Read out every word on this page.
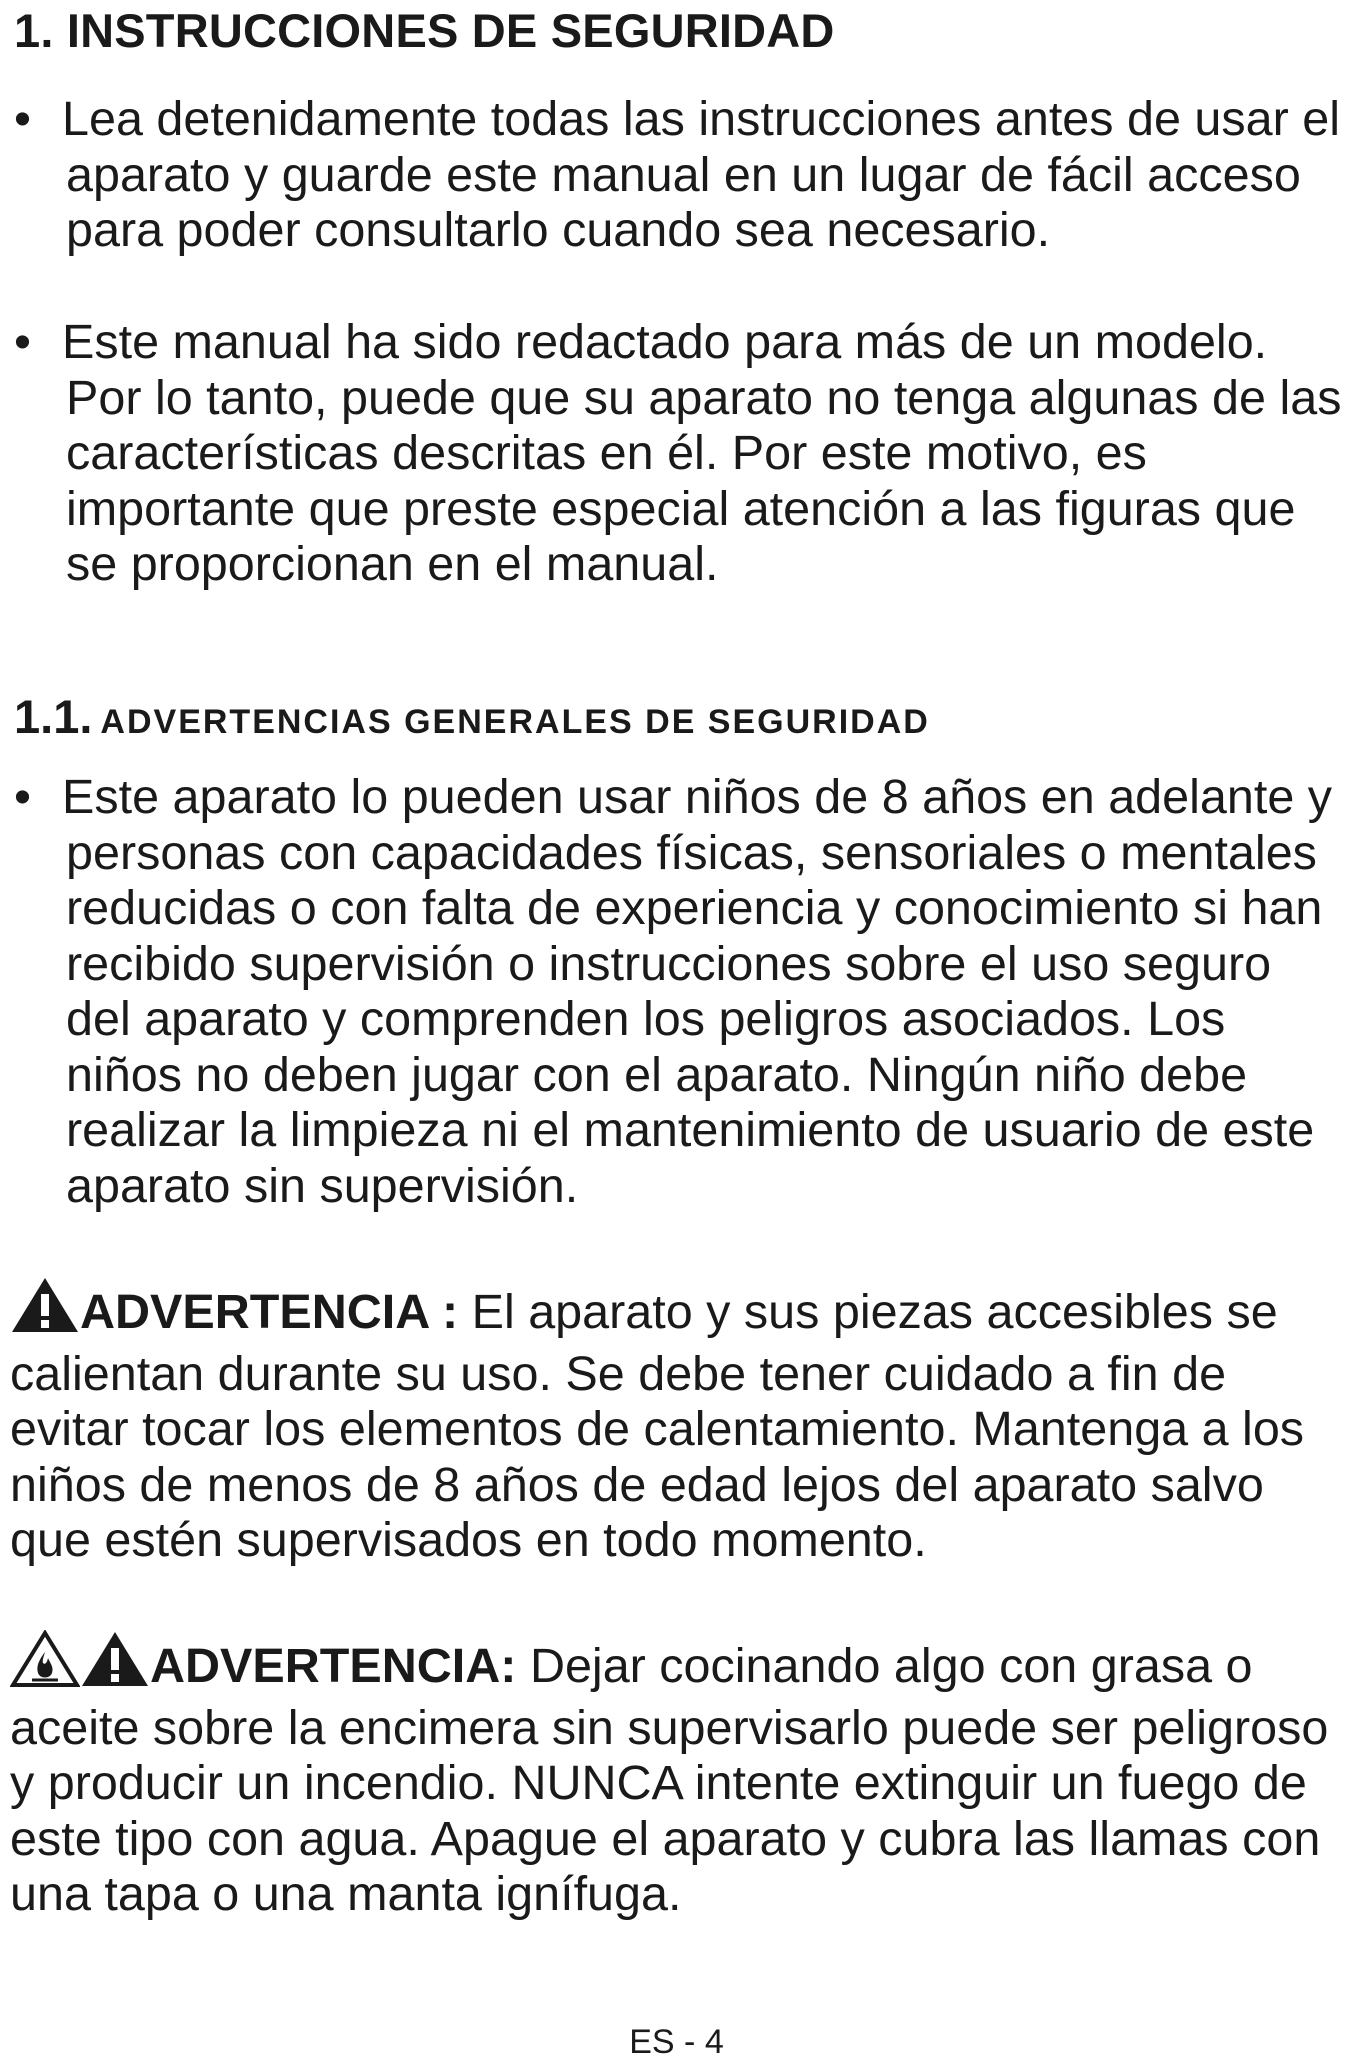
1. INSTRUCCIONES DE SEGURIDAD
• Lea detenidamente todas las instrucciones antes de usar el aparato y guarde este manual en un lugar de fácil acceso para poder consultarlo cuando sea necesario.
• Este manual ha sido redactado para más de un modelo. Por lo tanto, puede que su aparato no tenga algunas de las características descritas en él. Por este motivo, es importante que preste especial atención a las figuras que se proporcionan en el manual.
1.1. ADVERTENCIAS GENERALES DE SEGURIDAD
• Este aparato lo pueden usar niños de 8 años en adelante y personas con capacidades físicas, sensoriales o mentales reducidas o con falta de experiencia y conocimiento si han recibido supervisión o instrucciones sobre el uso seguro del aparato y comprenden los peligros asociados. Los niños no deben jugar con el aparato. Ningún niño debe realizar la limpieza ni el mantenimiento de usuario de este aparato sin supervisión.
ADVERTENCIA : El aparato y sus piezas accesibles se calientan durante su uso. Se debe tener cuidado a fin de evitar tocar los elementos de calentamiento. Mantenga a los niños de menos de 8 años de edad lejos del aparato salvo que estén supervisados en todo momento.
ADVERTENCIA: Dejar cocinando algo con grasa o aceite sobre la encimera sin supervisarlo puede ser peligroso y producir un incendio. NUNCA intente extinguir un fuego de este tipo con agua. Apague el aparato y cubra las llamas con una tapa o una manta ignífuga.
ES - 4
